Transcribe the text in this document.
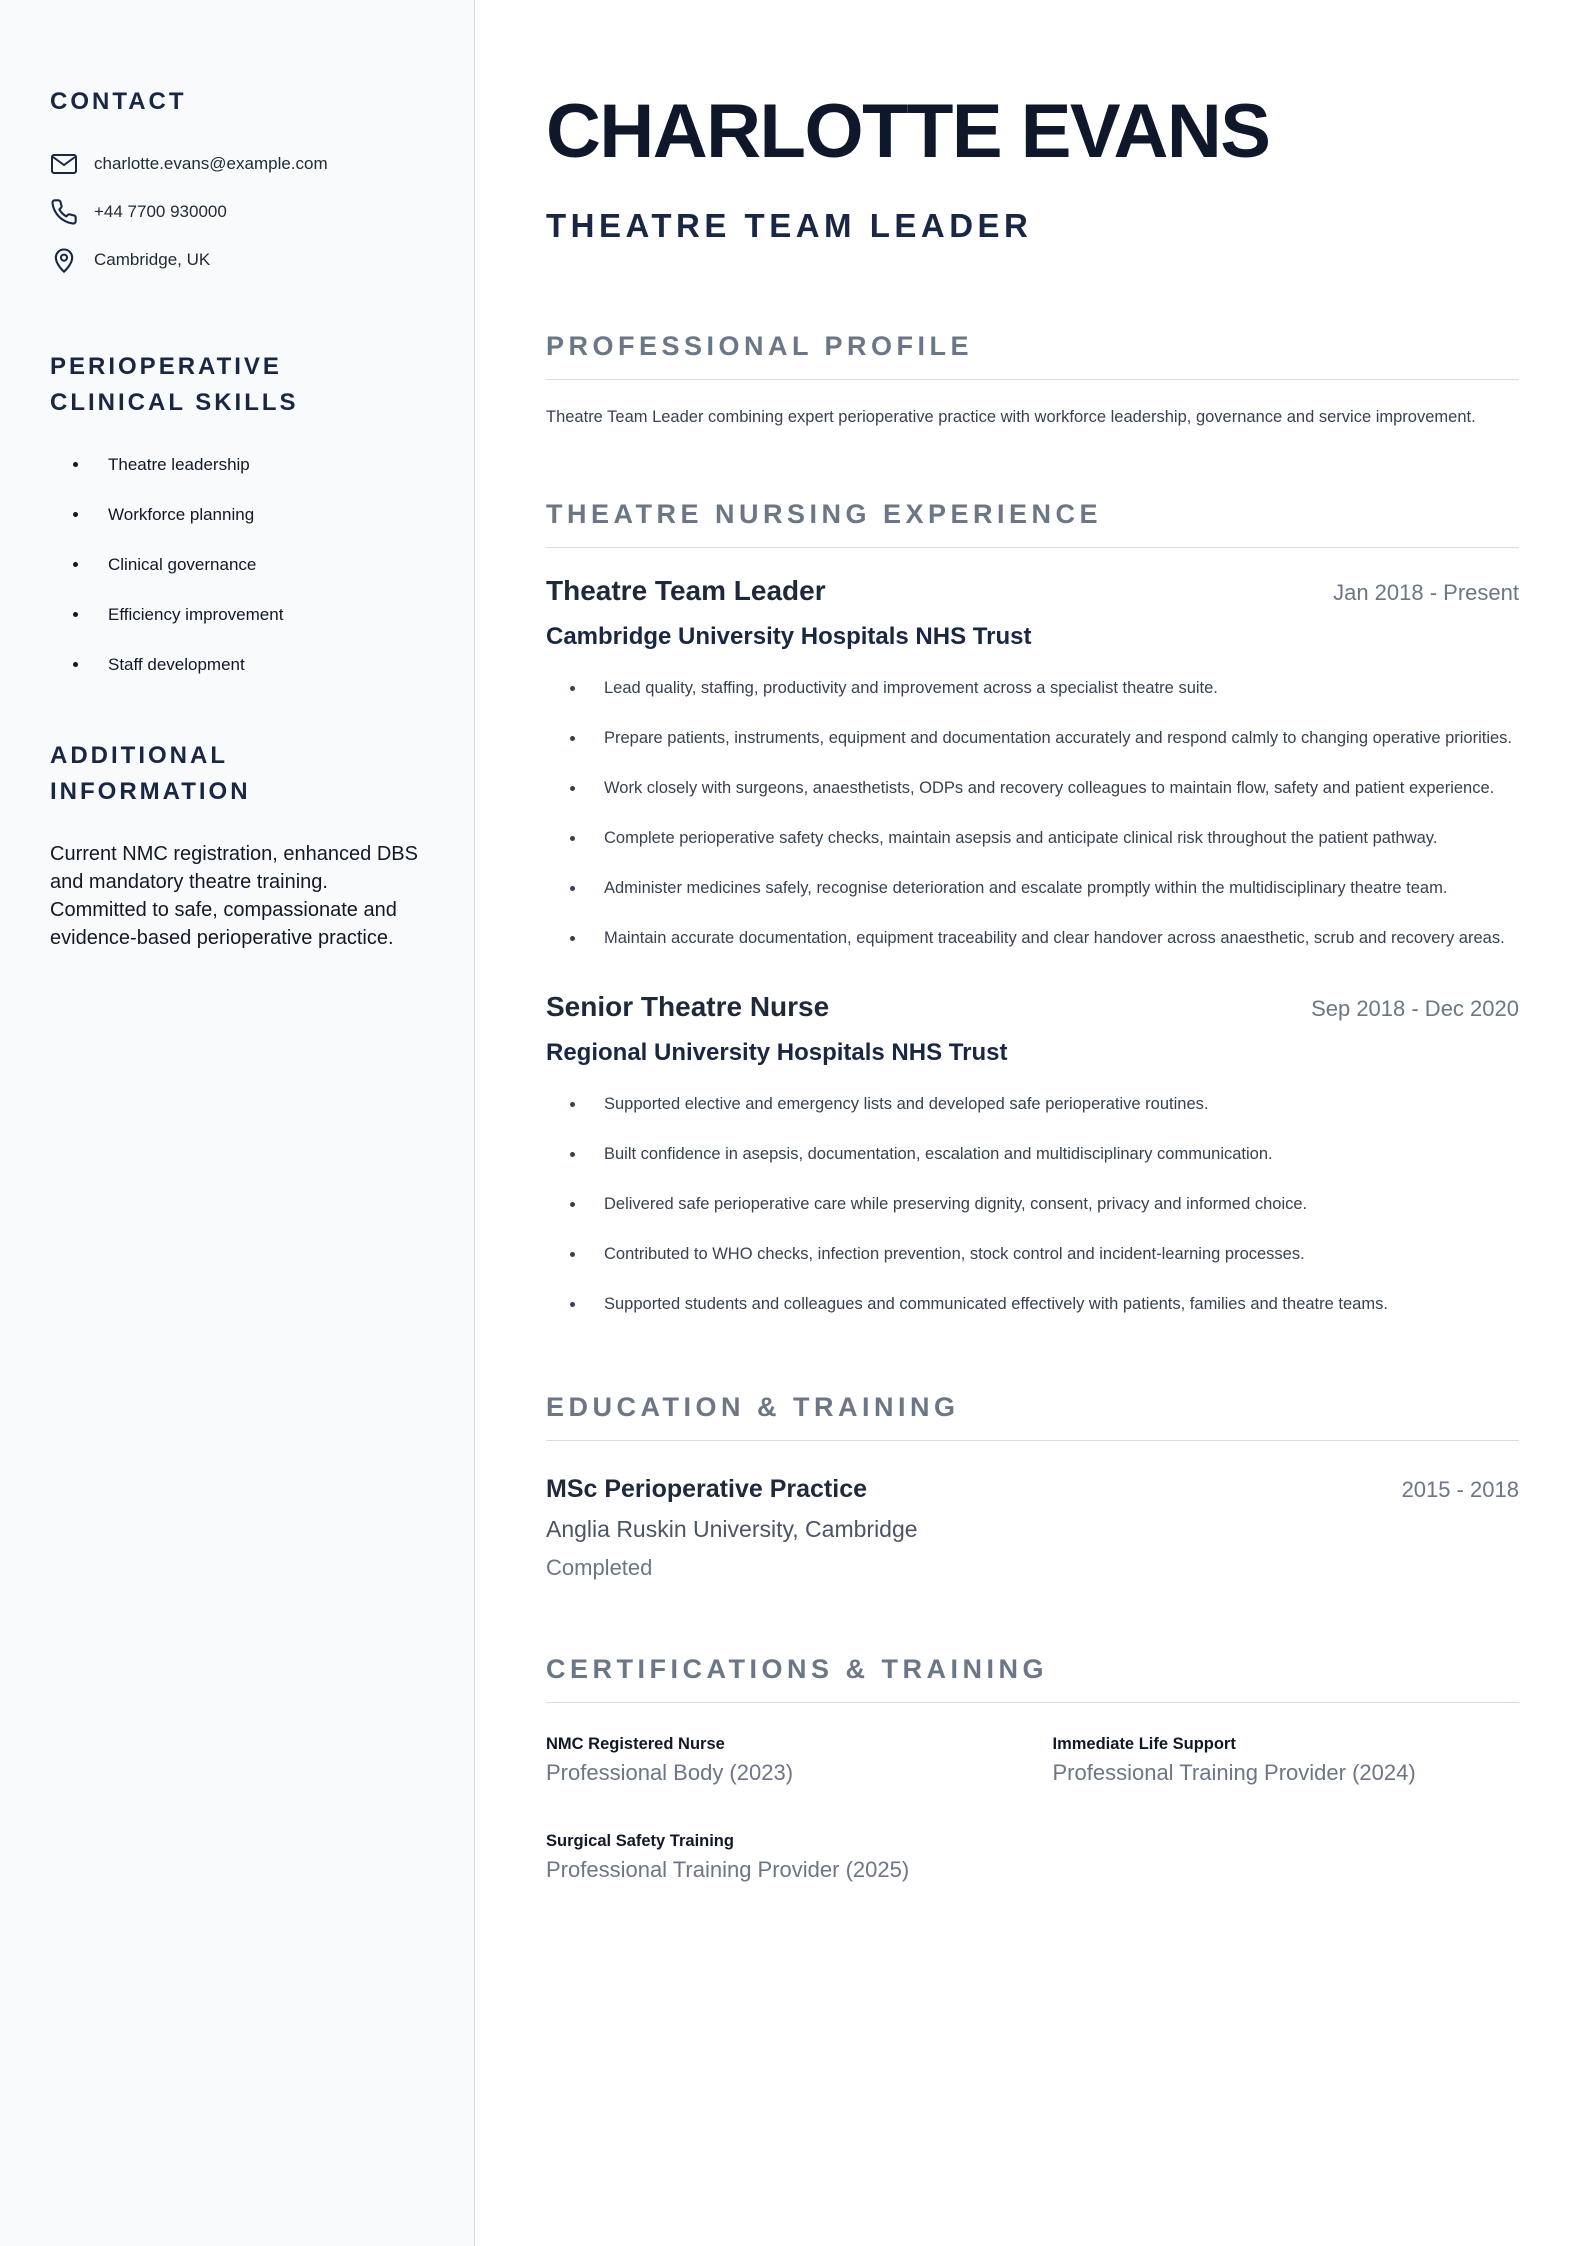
CONTACT
charlotte.evans@example.com
+44 7700 930000
Cambridge, UK
PERIOPERATIVE CLINICAL SKILLS
• Theatre leadership
• Workforce planning
• Clinical governance
• Efficiency improvement
• Staff development
ADDITIONAL INFORMATION

Current NMC registration, enhanced DBS and mandatory theatre training. Committed to safe, compassionate and evidence-based perioperative practice.

CHARLOTTE EVANS
THEATRE TEAM LEADER
PROFESSIONAL PROFILE

Theatre Team Leader combining expert perioperative practice with workforce leadership, governance and service improvement.

THEATRE NURSING EXPERIENCE
Theatre Team Leader	Jan 2018 - Present
Cambridge University Hospitals NHS Trust
• Lead quality, staffing, productivity and improvement across a specialist theatre suite.
• Prepare patients, instruments, equipment and documentation accurately and respond calmly to changing operative priorities.
• Work closely with surgeons, anaesthetists, ODPs and recovery colleagues to maintain flow, safety and patient experience.
• Complete perioperative safety checks, maintain asepsis and anticipate clinical risk throughout the patient pathway.
• Administer medicines safely, recognise deterioration and escalate promptly within the multidisciplinary theatre team.
• Maintain accurate documentation, equipment traceability and clear handover across anaesthetic, scrub and recovery areas.
Senior Theatre Nurse	Sep 2018 - Dec 2020
Regional University Hospitals NHS Trust
• Supported elective and emergency lists and developed safe perioperative routines.
• Built confidence in asepsis, documentation, escalation and multidisciplinary communication.
• Delivered safe perioperative care while preserving dignity, consent, privacy and informed choice.
• Contributed to WHO checks, infection prevention, stock control and incident-learning processes.
• Supported students and colleagues and communicated effectively with patients, families and theatre teams.
EDUCATION & TRAINING
MSc Perioperative Practice	2015 - 2018
Anglia Ruskin University, Cambridge
Completed
CERTIFICATIONS & TRAINING
NMC Registered Nurse
Professional Body (2023)
Immediate Life Support
Professional Training Provider (2024)
Surgical Safety Training
Professional Training Provider (2025)
